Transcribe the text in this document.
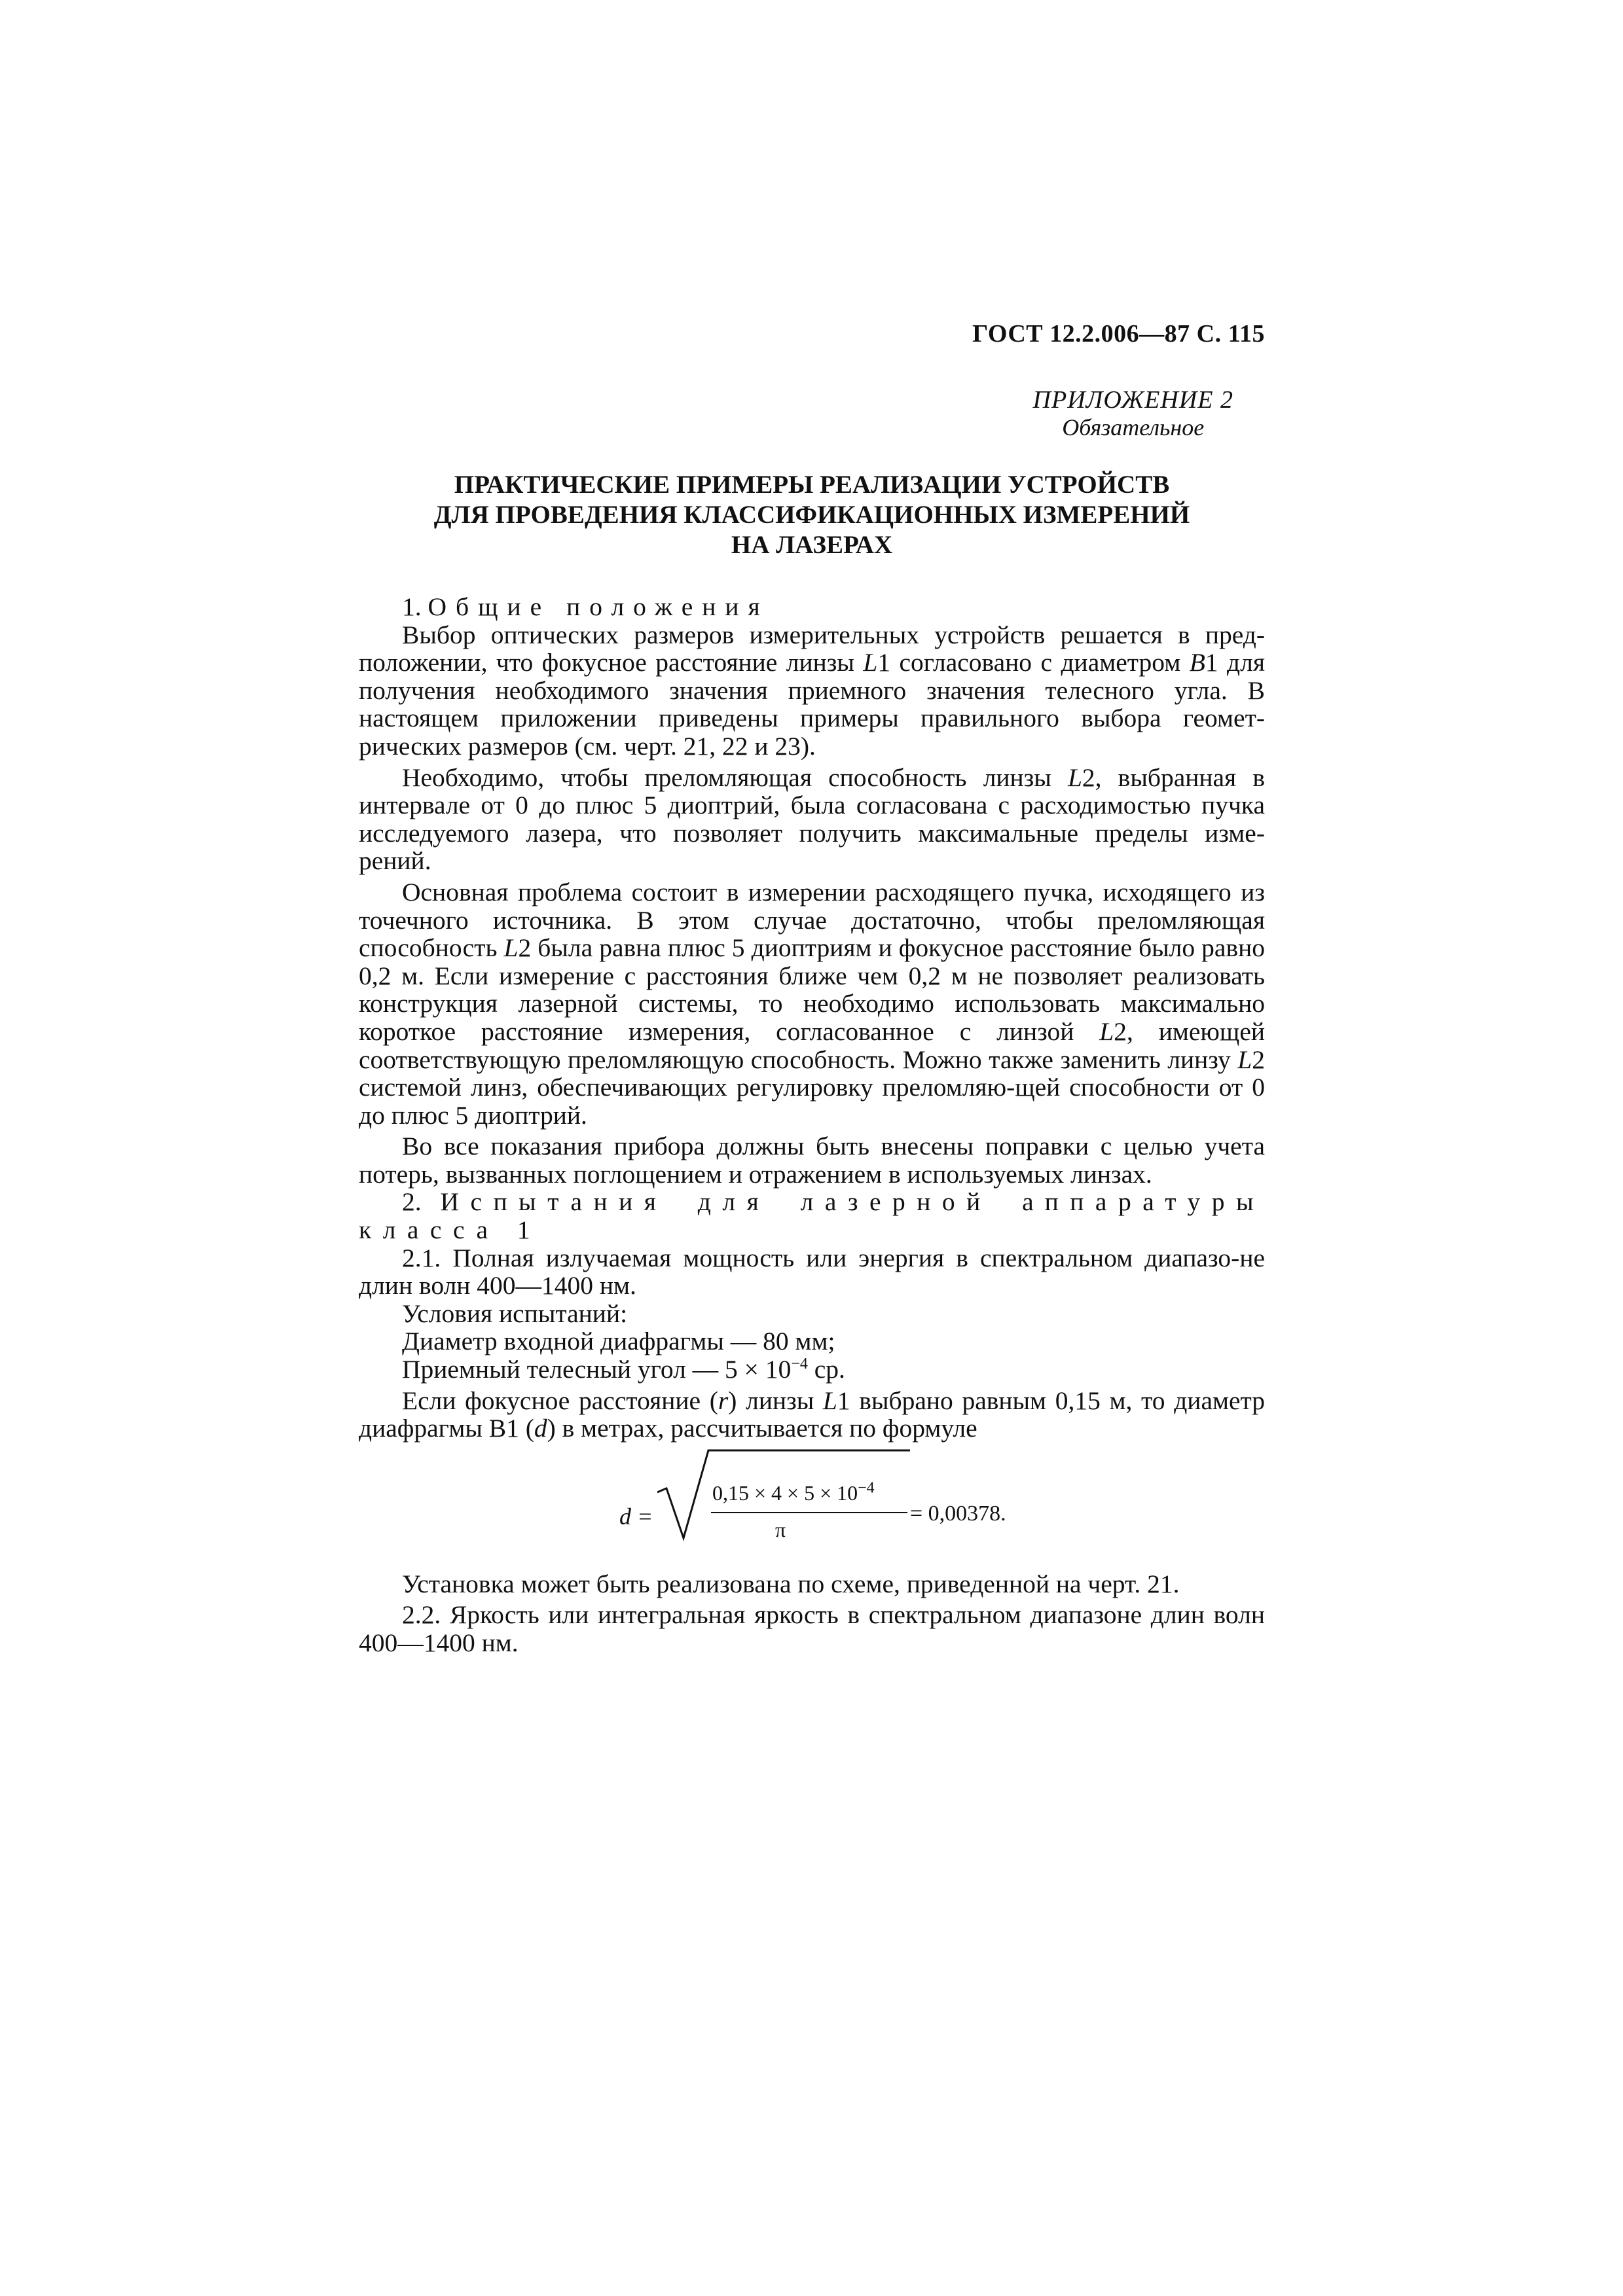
ГОСТ 12.2.006—87 С. 115
ПРИЛОЖЕНИЕ 2
Обязательное
ПРАКТИЧЕСКИЕ ПРИМЕРЫ РЕАЛИЗАЦИИ УСТРОЙСТВ
ДЛЯ ПРОВЕДЕНИЯ КЛАССИФИКАЦИОННЫХ ИЗМЕРЕНИЙ
НА ЛАЗЕРАХ

1. Общие положения

Выбор оптических размеров измерительных устройств решается в пред-положении, что фокусное расстояние линзы L1 согласовано с диаметром B1 для получения необходимого значения приемного значения телесного угла. В настоящем приложении приведены примеры правильного выбора геомет-рических размеров (см. черт. 21, 22 и 23).

Необходимо, чтобы преломляющая способность линзы L2, выбранная в интервале от 0 до плюс 5 диоптрий, была согласована с расходимостью пучка исследуемого лазера, что позволяет получить максимальные пределы изме-рений.

Основная проблема состоит в измерении расходящего пучка, исходящего из точечного источника. В этом случае достаточно, чтобы преломляющая способность L2 была равна плюс 5 диоптриям и фокусное расстояние было равно 0,2 м. Если измерение с расстояния ближе чем 0,2 м не позволяет реализовать конструкция лазерной системы, то необходимо использовать максимально короткое расстояние измерения, согласованное с линзой L2, имеющей соответствующую преломляющую способность. Можно также заменить линзу L2 системой линз, обеспечивающих регулировку преломляю-щей способности от 0 до плюс 5 диоптрий.

Во все показания прибора должны быть внесены поправки с целью учета потерь, вызванных поглощением и отражением в используемых линзах.

2. Испытания для лазерной аппаратуры класса 1

2.1. Полная излучаемая мощность или энергия в спектральном диапазо-не длин волн 400—1400 нм.

Условия испытаний:

Диаметр входной диафрагмы — 80 мм;

Приемный телесный угол — $5 \times 10^{-4}$ ср.

Если фокусное расстояние (r) линзы L1 выбрано равным 0,15 м, то диаметр диафрагмы B1 (d) в метрах, рассчитывается по формуле

d =
$0,15 \times 4 \times 5 \times 10^{-4}$
π
= 0,00378.

Установка может быть реализована по схеме, приведенной на черт. 21.

2.2. Яркость или интегральная яркость в спектральном диапазоне длин волн 400—1400 нм.
